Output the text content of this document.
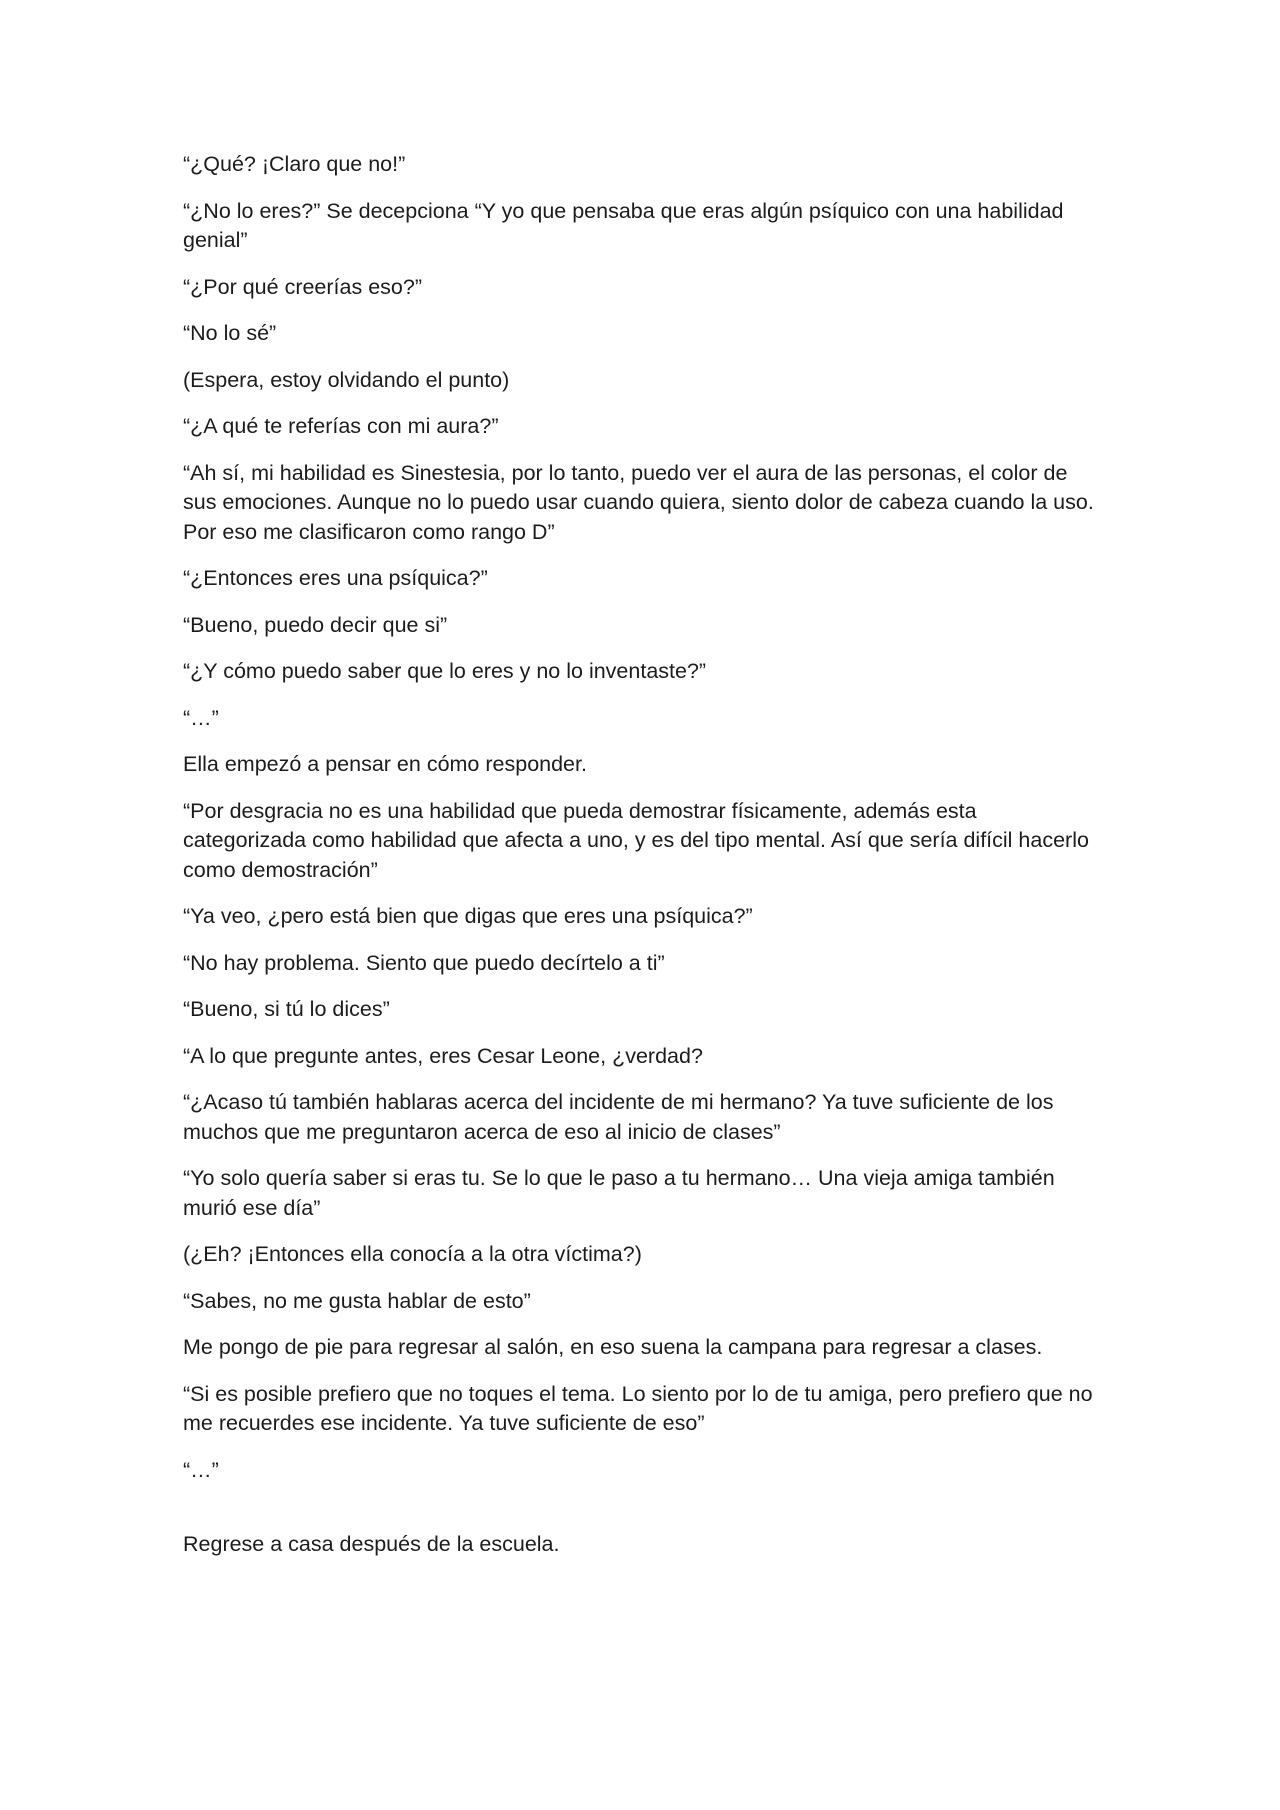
“¿Qué? ¡Claro que no!”

“¿No lo eres?” Se decepciona “Y yo que pensaba que eras algún psíquico con una habilidad genial”

“¿Por qué creerías eso?”

“No lo sé”

(Espera, estoy olvidando el punto)

“¿A qué te referías con mi aura?”

“Ah sí, mi habilidad es Sinestesia, por lo tanto, puedo ver el aura de las personas, el color de sus emociones. Aunque no lo puedo usar cuando quiera, siento dolor de cabeza cuando la uso. Por eso me clasificaron como rango D”

“¿Entonces eres una psíquica?”

“Bueno, puedo decir que si”

“¿Y cómo puedo saber que lo eres y no lo inventaste?”

“…”

Ella empezó a pensar en cómo responder.

“Por desgracia no es una habilidad que pueda demostrar físicamente, además esta categorizada como habilidad que afecta a uno, y es del tipo mental. Así que sería difícil hacerlo como demostración”

“Ya veo, ¿pero está bien que digas que eres una psíquica?”

“No hay problema. Siento que puedo decírtelo a ti”

“Bueno, si tú lo dices”

“A lo que pregunte antes, eres Cesar Leone, ¿verdad?

“¿Acaso tú también hablaras acerca del incidente de mi hermano? Ya tuve suficiente de los muchos que me preguntaron acerca de eso al inicio de clases”

“Yo solo quería saber si eras tu. Se lo que le paso a tu hermano… Una vieja amiga también murió ese día”

(¿Eh? ¡Entonces ella conocía a la otra víctima?)

“Sabes, no me gusta hablar de esto”

Me pongo de pie para regresar al salón, en eso suena la campana para regresar a clases.

“Si es posible prefiero que no toques el tema. Lo siento por lo de tu amiga, pero prefiero que no me recuerdes ese incidente. Ya tuve suficiente de eso”

“…”

Regrese a casa después de la escuela.
